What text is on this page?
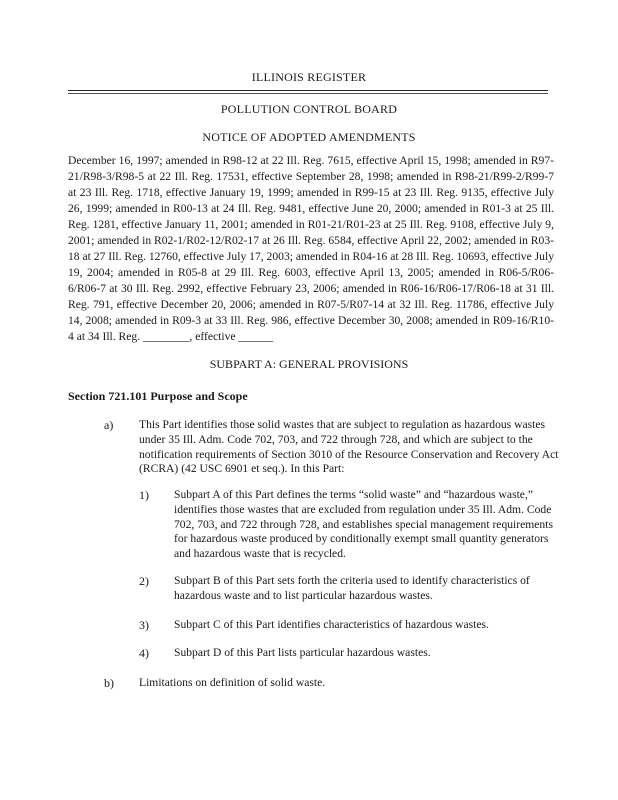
ILLINOIS REGISTER
POLLUTION CONTROL BOARD
NOTICE OF ADOPTED AMENDMENTS
December 16, 1997; amended in R98-12 at 22 Ill. Reg. 7615, effective April 15, 1998; amended in R97-21/R98-3/R98-5 at 22 Ill. Reg. 17531, effective September 28, 1998; amended in R98-21/R99-2/R99-7 at 23 Ill. Reg. 1718, effective January 19, 1999; amended in R99-15 at 23 Ill. Reg. 9135, effective July 26, 1999; amended in R00-13 at 24 Ill. Reg. 9481, effective June 20, 2000; amended in R01-3 at 25 Ill. Reg. 1281, effective January 11, 2001; amended in R01-21/R01-23 at 25 Ill. Reg. 9108, effective July 9, 2001; amended in R02-1/R02-12/R02-17 at 26 Ill. Reg. 6584, effective April 22, 2002; amended in R03-18 at 27 Ill. Reg. 12760, effective July 17, 2003; amended in R04-16 at 28 Ill. Reg. 10693, effective July 19, 2004; amended in R05-8 at 29 Ill. Reg. 6003, effective April 13, 2005; amended in R06-5/R06-6/R06-7 at 30 Ill. Reg. 2992, effective February 23, 2006; amended in R06-16/R06-17/R06-18 at 31 Ill. Reg. 791, effective December 20, 2006; amended in R07-5/R07-14 at 32 Ill. Reg. 11786, effective July 14, 2008; amended in R09-3 at 33 Ill. Reg. 986, effective December 30, 2008; amended in R09-16/R10-4 at 34 Ill. Reg. ________, effective ______
SUBPART A: GENERAL PROVISIONS
Section 721.101 Purpose and Scope
a) This Part identifies those solid wastes that are subject to regulation as hazardous wastes under 35 Ill. Adm. Code 702, 703, and 722 through 728, and which are subject to the notification requirements of Section 3010 of the Resource Conservation and Recovery Act (RCRA) (42 USC 6901 et seq.). In this Part:
1) Subpart A of this Part defines the terms “solid waste” and “hazardous waste,” identifies those wastes that are excluded from regulation under 35 Ill. Adm. Code 702, 703, and 722 through 728, and establishes special management requirements for hazardous waste produced by conditionally exempt small quantity generators and hazardous waste that is recycled.
2) Subpart B of this Part sets forth the criteria used to identify characteristics of hazardous waste and to list particular hazardous wastes.
3) Subpart C of this Part identifies characteristics of hazardous wastes.
4) Subpart D of this Part lists particular hazardous wastes.
b) Limitations on definition of solid waste.
